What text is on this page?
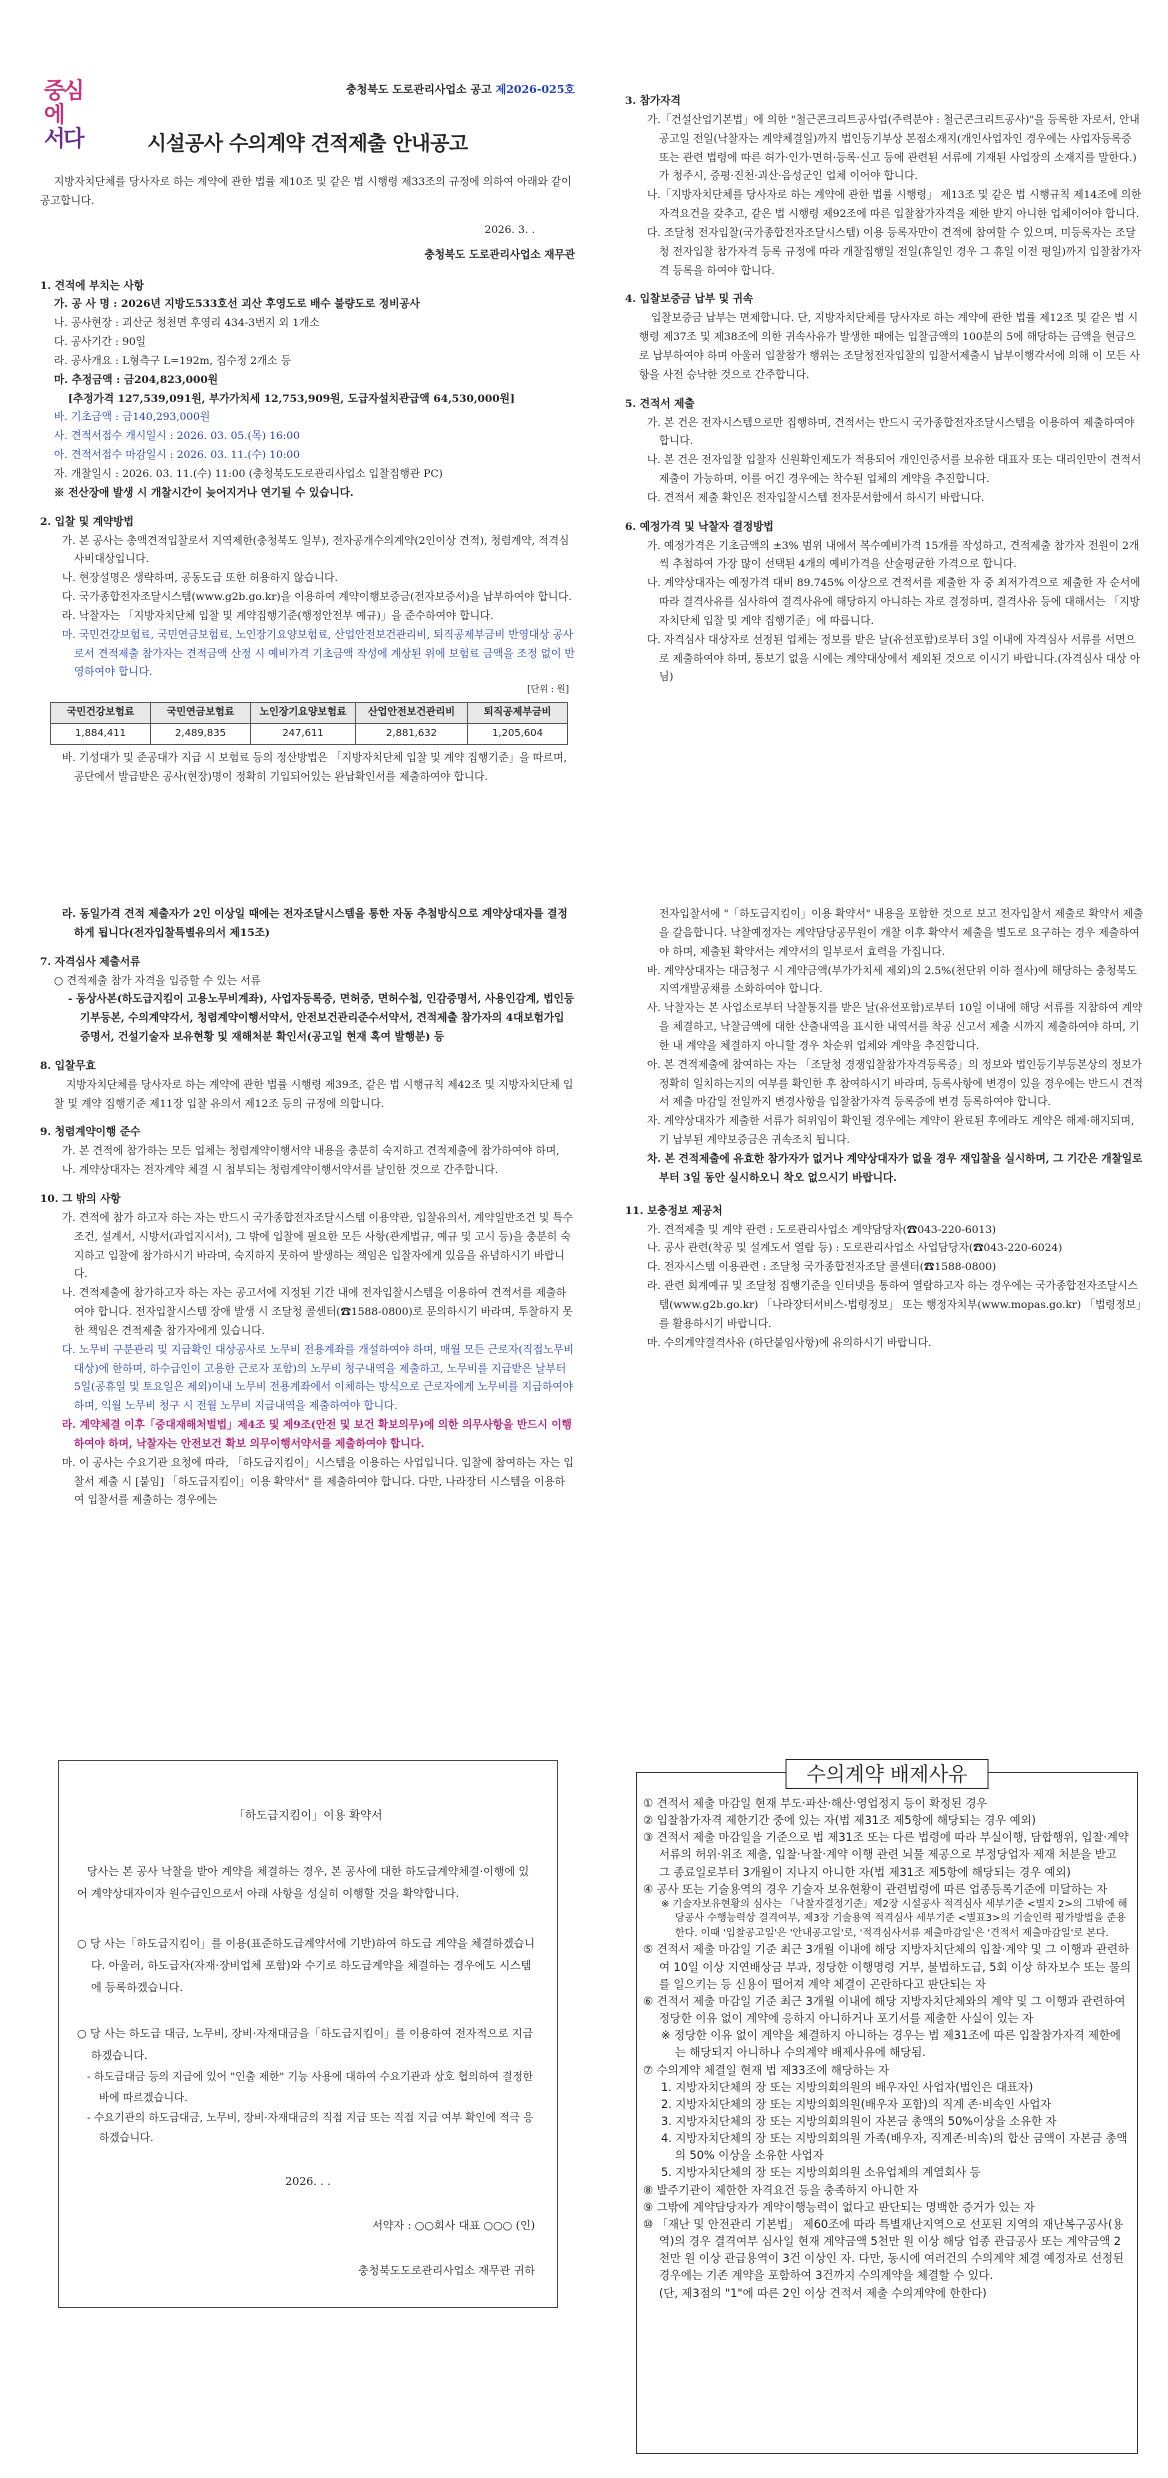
중심에
서다
충청북도 도로관리사업소 공고 제2026-025호
시설공사 수의계약 견적제출 안내공고

지방자치단체를 당사자로 하는 계약에 관한 법률 제10조 및 같은 법 시행령 제33조의 규정에 의하여 아래와 같이 공고합니다.

2026. 3. .

충청북도 도로관리사업소 재무관

1. 견적에 부치는 사항

가. 공 사 명 : 2026년 지방도533호선 괴산 후영도로 배수 불량도로 정비공사

나. 공사현장 : 괴산군 청천면 후영리 434-3번지 외 1개소

다. 공사기간 : 90일

라. 공사개요 : L형측구 L=192m, 집수정 2개소 등

마. 추정금액 : 금204,823,000원

[추정가격 127,539,091원, 부가가치세 12,753,909원, 도급자설치관급액 64,530,000원]

바. 기초금액 : 금140,293,000원

사. 견적서접수 개시일시 : 2026. 03. 05.(목) 16:00

아. 견적서접수 마감일시 : 2026. 03. 11.(수) 10:00

자. 개찰일시 : 2026. 03. 11.(수) 11:00 (충청북도도로관리사업소 입찰집행관 PC)

※ 전산장애 발생 시 개찰시간이 늦어지거나 연기될 수 있습니다.

2. 입찰 및 계약방법

가. 본 공사는 총액견적입찰로서 지역제한(충청북도 일부), 전자공개수의계약(2인이상 견적), 청렴계약, 적격심사비대상입니다.

나. 현장설명은 생략하며, 공동도급 또한 허용하지 않습니다.

다. 국가종합전자조달시스템(www.g2b.go.kr)을 이용하여 계약이행보증금(전자보증서)을 납부하여야 합니다.

라. 낙찰자는 「지방자치단체 입찰 및 계약집행기준(행정안전부 예규)」을 준수하여야 합니다.

마. 국민건강보험료, 국민연금보험료, 노인장기요양보험료, 산업안전보건관리비, 퇴직공제부금비 반영대상 공사로서 견적제출 참가자는 견적금액 산정 시 예비가격 기초금액 작성에 계상된 위에 보험료 금액을 조정 없이 반영하여야 합니다.

[단위 : 원]

국민건강보험료	국민연금보험료	노인장기요양보험료	산업안전보건관리비	퇴직공제부금비
1,884,411	2,489,835	247,611	2,881,632	1,205,604

바. 기성대가 및 준공대가 지급 시 보험료 등의 정산방법은 「지방자치단체 입찰 및 계약 집행기준」을 따르며, 공단에서 발급받은 공사(현장)명이 정확히 기입되어있는 완납확인서를 제출하여야 합니다.

3. 참가자격

가.「건설산업기본법」에 의한 "철근콘크리트공사업(주력분야 : 철근콘크리트공사)"을 등록한 자로서, 안내공고일 전일(낙찰자는 계약체결일)까지 법인등기부상 본점소재지(개인사업자인 경우에는 사업자등록증 또는 관련 법령에 따른 허가·인가·면허·등록·신고 등에 관련된 서류에 기재된 사업장의 소재지를 말한다.)가 청주시, 증평·진천·괴산·음성군인 업체 이어야 합니다.

나.「지방자치단체를 당사자로 하는 계약에 관한 법률 시행령」 제13조 및 같은 법 시행규칙 제14조에 의한 자격요건을 갖추고, 같은 법 시행령 제92조에 따른 입찰참가자격을 제한 받지 아니한 업체이어야 합니다.

다. 조달청 전자입찰(국가종합전자조달시스템) 이용 등록자만이 견적에 참여할 수 있으며, 미등록자는 조달청 전자입찰 참가자격 등록 규정에 따라 개찰집행일 전일(휴일인 경우 그 휴일 이전 평일)까지 입찰참가자격 등록을 하여야 합니다.

4. 입찰보증금 납부 및 귀속

입찰보증금 납부는 면제합니다. 단, 지방자치단체를 당사자로 하는 계약에 관한 법률 제12조 및 같은 법 시행령 제37조 및 제38조에 의한 귀속사유가 발생한 때에는 입찰금액의 100분의 5에 해당하는 금액을 현금으로 납부하여야 하며 아울러 입찰참가 행위는 조달청전자입찰의 입찰서제출시 납부이행각서에 의해 이 모든 사항을 사전 승낙한 것으로 간주합니다.

5. 견적서 제출

가. 본 건은 전자시스템으로만 집행하며, 견적서는 반드시 국가종합전자조달시스템을 이용하여 제출하여야 합니다.

나. 본 건은 전자입찰 입찰자 신원확인제도가 적용되어 개인인증서를 보유한 대표자 또는 대리인만이 견적서 제출이 가능하며, 이를 어긴 경우에는 착수된 업체의 계약을 추진합니다.

다. 견적서 제출 확인은 전자입찰시스템 전자문서함에서 하시기 바랍니다.

6. 예정가격 및 낙찰자 결정방법

가. 예정가격은 기초금액의 ±3% 범위 내에서 복수예비가격 15개를 작성하고, 견적제출 참가자 전원이 2개씩 추첨하여 가장 많이 선택된 4개의 예비가격을 산술평균한 가격으로 합니다.

나. 계약상대자는 예정가격 대비 89.745% 이상으로 견적서를 제출한 자 중 최저가격으로 제출한 자 순서에 따라 결격사유를 심사하여 결격사유에 해당하지 아니하는 자로 결정하며, 결격사유 등에 대해서는 「지방자치단체 입찰 및 계약 집행기준」에 따릅니다.

다. 자격심사 대상자로 선정된 업체는 정보를 받은 날(유선포함)로부터 3일 이내에 자격심사 서류를 서면으로 제출하여야 하며, 통보기 없을 시에는 계약대상에서 제외된 것으로 이시기 바랍니다.(자격심사 대상 아님)

라. 동일가격 견적 제출자가 2인 이상일 때에는 전자조달시스템을 통한 자동 추첨방식으로 계약상대자를 결정하게 됩니다(전자입찰특별유의서 제15조)

7. 자격심사 제출서류

○ 견적제출 참가 자격을 입증할 수 있는 서류

- 동상사본(하도급지킴이 고용노무비계좌), 사업자등록증, 면허증, 면허수첩, 인감증명서, 사용인감계, 법인등기부등본, 수의계약각서, 청렴계약이행서약서, 안전보건관리준수서약서, 견적제출 참가자의 4대보험가입 증명서, 건설기술자 보유현황 및 재해처분 확인서(공고일 현재 혹여 발행분) 등

8. 입찰무효

지방자치단체를 당사자로 하는 계약에 관한 법률 시행령 제39조, 같은 법 시행규칙 제42조 및 지방자치단체 입찰 및 계약 집행기준 제11장 입찰 유의서 제12조 등의 규정에 의합니다.

9. 청렴계약이행 준수

가. 본 견적에 참가하는 모든 업체는 청렴계약이행서약 내용을 충분히 숙지하고 견적제출에 참가하여야 하며,

나. 계약상대자는 전자계약 체결 시 첨부되는 청렴계약이행서약서를 날인한 것으로 간주합니다.

10. 그 밖의 사항

가. 견적에 참가 하고자 하는 자는 반드시 국가종합전자조달시스템 이용약관, 입찰유의서, 계약일반조건 및 특수조건, 설계서, 시방서(과업지시서), 그 밖에 입찰에 필요한 모든 사항(관계법규, 예규 및 고시 등)을 충분히 숙지하고 입찰에 참가하시기 바라며, 숙지하지 못하여 발생하는 책임은 입찰자에게 있음을 유념하시기 바랍니다.

나. 견적제출에 참가하고자 하는 자는 공고서에 지정된 기간 내에 전자입찰시스템을 이용하여 견적서를 제출하여야 합니다. 전자입찰시스템 장애 발생 시 조달청 콜센터(☎1588-0800)로 문의하시기 바라며, 투찰하지 못한 책임은 견적제출 참가자에게 있습니다.

다. 노무비 구분관리 및 지급확인 대상공사로 노무비 전용계좌를 개설하여야 하며, 매월 모든 근로자(직접노무비 대상)에 한하며, 하수급인이 고용한 근로자 포함)의 노무비 청구내역을 제출하고, 노무비를 지급받은 날부터 5일(공휴일 및 토요일은 제외)이내 노무비 전용계좌에서 이체하는 방식으로 근로자에게 노무비를 지급하여야 하며, 익월 노무비 청구 시 전월 노무비 지급내역을 제출하여야 합니다.

라. 계약체결 이후「중대재해처벌법」제4조 및 제9조(안전 및 보건 확보의무)에 의한 의무사항을 반드시 이행하여야 하며, 낙찰자는 안전보건 확보 의무이행서약서를 제출하여야 합니다.

마. 이 공사는 수요기관 요청에 따라, 「하도급지킴이」시스템을 이용하는 사업입니다. 입찰에 참여하는 자는 입찰서 제출 시 [붙임] 「하도급지킴이」이용 확약서" 를 제출하여야 합니다. 다만, 나라장터 시스템을 이용하여 입찰서를 제출하는 경우에는

전자입찰서에 "「하도급지킴이」이용 확약서" 내용을 포함한 것으로 보고 전자입찰서 제출로 확약서 제출을 갈음합니다. 낙찰예정자는 계약담당공무원이 개찰 이후 확약서 제출을 별도로 요구하는 경우 제출하여야 하며, 제출된 확약서는 계약서의 일부로서 효력을 가집니다.

바. 계약상대자는 대금청구 시 계약금액(부가가치세 제외)의 2.5%(천단위 이하 절사)에 해당하는 충청북도지역개발공채를 소화하여야 합니다.

사. 낙찰자는 본 사업소로부터 낙찰통지를 받은 날(유선포함)로부터 10일 이내에 해당 서류를 지참하여 계약을 체결하고, 낙찰금액에 대한 산출내역을 표시한 내역서를 착공 신고서 제출 시까지 제출하여야 하며, 기한 내 계약을 체결하지 아니할 경우 차순위 업체와 계약을 추진합니다.

아. 본 견적제출에 참여하는 자는 「조달청 경쟁입찰참가자격등록증」의 정보와 법인등기부등본상의 정보가 정확히 일치하는지의 여부를 확인한 후 참여하시기 바라며, 등록사항에 변경이 있을 경우에는 반드시 견적서 제출 마감일 전일까지 변경사항을 입찰참가자격 등록증에 변경 등록하여야 합니다.

자. 계약상대자가 제출한 서류가 허위임이 확인될 경우에는 계약이 완료된 후에라도 계약은 해제·해지되며, 기 납부된 계약보증금은 귀속조치 됩니다.

차. 본 견적제출에 유효한 참가자가 없거나 계약상대자가 없을 경우 재입찰을 실시하며, 그 기간은 개찰일로부터 3일 동안 실시하오니 착오 없으시기 바랍니다.

11. 보충정보 제공처

가. 견적제출 및 계약 관련 : 도로관리사업소 계약담당자(☎043-220-6013)

나. 공사 관련(착공 및 설계도서 열람 등) : 도로관리사업소 사업담당자(☎043-220-6024)

다. 전자시스템 이용관련 : 조달청 국가종합전자조달 콜센터(☎1588-0800)

라. 관련 회계예규 및 조달청 집행기준을 인터넷을 통하여 열람하고자 하는 경우에는 국가종합전자조달시스템(www.g2b.go.kr) 「나라장터서비스-법령정보」 또는 행정자치부(www.mopas.go.kr) 「법령정보」를 활용하시기 바랍니다.

마. 수의계약결격사유 (하단붙임사항)에 유의하시기 바랍니다.

「하도급지킴이」이용 확약서

당사는 본 공사 낙찰을 받아 계약을 체결하는 경우, 본 공사에 대한 하도급계약체결·이행에 있어 계약상대자이자 원수급인으로서 아래 사항을 성실히 이행할 것을 확약합니다.

○ 당 사는「하도급지킴이」를 이용(표준하도급계약서에 기반)하여 하도급 계약을 체결하겠습니다. 아울러, 하도급자(자재·장비업체 포함)와 수기로 하도급계약을 체결하는 경우에도 시스템에 등록하겠습니다.

○ 당 사는 하도급 대금, 노무비, 장비·자재대금을「하도급지킴이」를 이용하여 전자적으로 지급하겠습니다.

- 하도급대금 등의 지급에 있어 "인출 제한" 기능 사용에 대하여 수요기관과 상호 협의하여 결정한 바에 따르겠습니다.

- 수요기관의 하도급대금, 노무비, 장비·자재대금의 직접 지급 또는 직접 지급 여부 확인에 적극 응하겠습니다.

2026. . .

서약자 : ○○회사 대표 ○○○ (인)

충청북도도로관리사업소 재무관 귀하

수의계약 배제사유

① 견적서 제출 마감일 현재 부도·파산·해산·영업정지 등이 확정된 경우

② 입찰참가자격 제한기간 중에 있는 자(법 제31조 제5항에 해당되는 경우 예외)

③ 견적서 제출 마감일을 기준으로 법 제31조 또는 다른 법령에 따라 부실이행, 담합행위, 입찰·계약 서류의 허위·위조 제출, 입찰·낙찰·계약 이행 관련 뇌물 제공으로 부정당업자 제재 처분을 받고 그 종료일로부터 3개월이 지나지 아니한 자(법 제31조 제5항에 해당되는 경우 예외)

④ 공사 또는 기술용역의 경우 기술자 보유현황이 관련법령에 따른 업종등록기준에 미달하는 자

※ 기술자보유현황의 심사는 「낙찰자결정기준」제2장 시설공사 적격심사 세부기준 <별지 2>의 그밖에 해당공사 수행능력상 결격여부, 제3장 기술용역 적격심사 세부기준 <별표3>의 기술인력 평가방법을 준용한다. 이때 '입찰공고일'은 '안내공고일'로, '적격심사서류 제출마감일'은 '견적서 제출마감일'로 본다.

⑤ 견적서 제출 마감일 기준 최근 3개월 이내에 해당 지방자치단체의 입찰·계약 및 그 이행과 관련하여 10일 이상 지연배상금 부과, 정당한 이행명령 거부, 불법하도급, 5회 이상 하자보수 또는 물의를 일으키는 등 신용이 떨어져 계약 체결이 곤란하다고 판단되는 자

⑥ 견적서 제출 마감일 기준 최근 3개월 이내에 해당 지방자치단체와의 계약 및 그 이행과 관련하여 정당한 이유 없이 계약에 응하지 아니하거나 포기서를 제출한 사실이 있는 자

※ 정당한 이유 없이 계약을 체결하지 아니하는 경우는 법 제31조에 따른 입찰참가자격 제한에는 해당되지 아니하나 수의계약 배제사유에 해당됨.

⑦ 수의계약 체결일 현재 법 제33조에 해당하는 자

1. 지방자치단체의 장 또는 지방의회의원의 배우자인 사업자(법인은 대표자)

2. 지방자치단체의 장 또는 지방의회의원(배우자 포함)의 직계 존·비속인 사업자

3. 지방자치단체의 장 또는 지방의회의원이 자본금 총액의 50%이상을 소유한 자

4. 지방자치단체의 장 또는 지방의회의원 가족(배우자, 직계존·비속)의 합산 금액이 자본금 총액의 50% 이상을 소유한 사업자

5. 지방자치단체의 장 또는 지방의회의원 소유업체의 계열회사 등

⑧ 발주기관이 제한한 자격요건 등을 충족하지 아니한 자

⑨ 그밖에 계약담당자가 계약이행능력이 없다고 판단되는 명백한 증거가 있는 자

⑩ 「재난 및 안전관리 기본법」 제60조에 따라 특별재난지역으로 선포된 지역의 재난복구공사(용역)의 경우 결격여부 심사일 현재 계약금액 5천만 원 이상 해당 업종 관급공사 또는 계약금액 2천만 원 이상 관급용역이 3건 이상인 자. 다만, 동시에 여러건의 수의계약 체결 예정자로 선정된 경우에는 기존 계약을 포함하여 3건까지 수의계약을 체결할 수 있다.

(단, 제3점의 "1"에 따른 2인 이상 견적서 제출 수의계약에 한한다)
